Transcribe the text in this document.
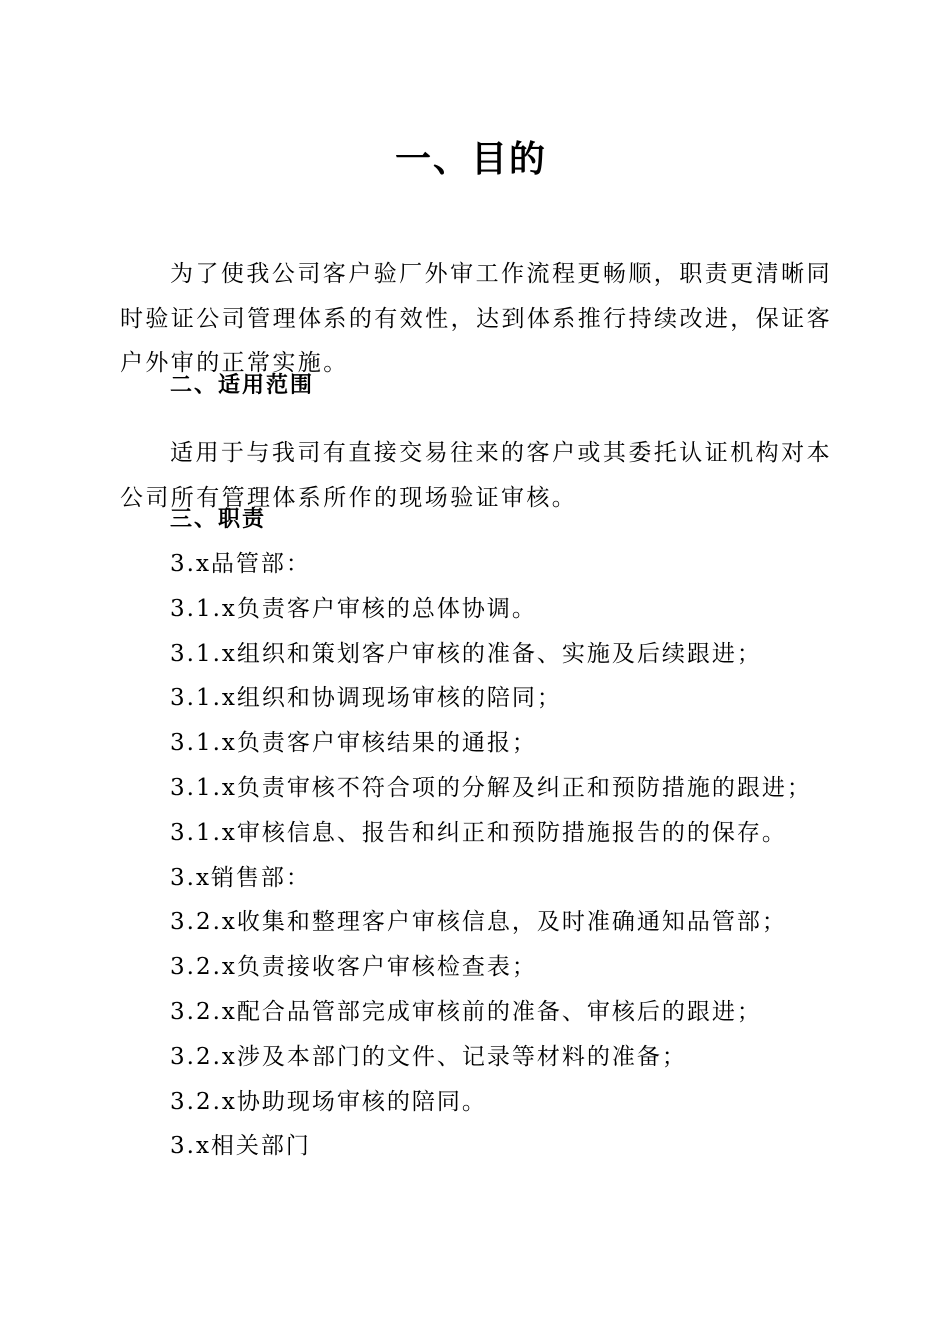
一、目的

为了使我公司客户验厂外审工作流程更畅顺，职责更清晰同时验证公司管理体系的有效性，达到体系推行持续改进，保证客户外审的正常实施。

二、适用范围

适用于与我司有直接交易往来的客户或其委托认证机构对本公司所有管理体系所作的现场验证审核。

三、职责
3.x品管部：
3.1.x负责客户审核的总体协调。
3.1.x组织和策划客户审核的准备、实施及后续跟进；
3.1.x组织和协调现场审核的陪同；
3.1.x负责客户审核结果的通报；
3.1.x负责审核不符合项的分解及纠正和预防措施的跟进；
3.1.x审核信息、报告和纠正和预防措施报告的的保存。
3.x销售部：
3.2.x收集和整理客户审核信息，及时准确通知品管部；
3.2.x负责接收客户审核检查表；
3.2.x配合品管部完成审核前的准备、审核后的跟进；
3.2.x涉及本部门的文件、记录等材料的准备；
3.2.x协助现场审核的陪同。
3.x相关部门
